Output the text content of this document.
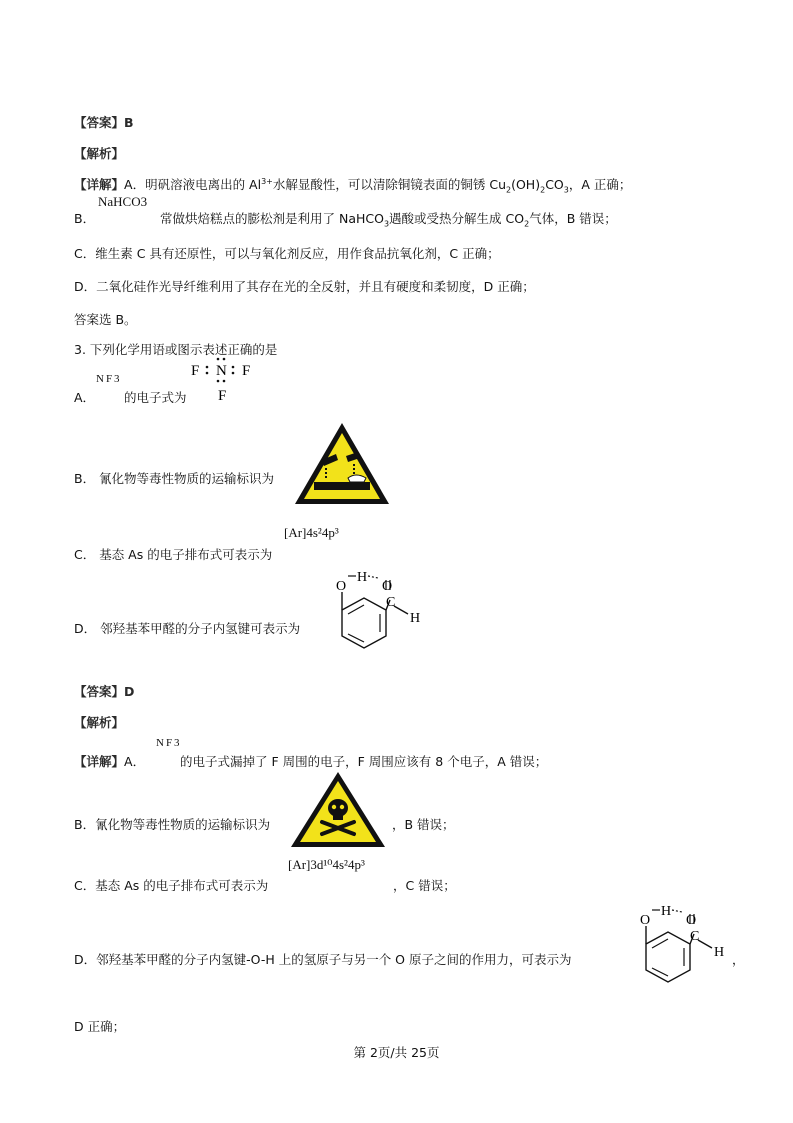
【答案】B
【解析】
【详解】A．明矾溶液电离出的 $Al^{3+}$水解显酸性，可以清除铜镜表面的铜锈 $Cu_2(OH)_2CO_3$，A 正确；
B．
NaHCO3
常做烘焙糕点的膨松剂是利用了 NaHCO$_3$遇酸或受热分解生成 $CO_2$气体，B 错误；
C．维生素 C 具有还原性，可以与氧化剂反应，用作食品抗氧化剂，C 正确；
D．二氧化硅作光导纤维利用了其存在光的全反射，并且有硬度和柔韧度，D 正确；
答案选 B。
3. 下列化学用语或图示表述正确的是
A．
NF3
的电子式为
F N F
F
B． 氰化物等毒性物质的运输标识为
C． 基态 As 的电子排布式可表示为
[Ar]4s²4p³
D． 邻羟基苯甲醛的分子内氢键可表示为
O
H
O
C
H
【答案】D
【解析】
【详解】A．
NF3
的电子式漏掉了 F 周围的电子，F 周围应该有 8 个电子，A 错误；
B．氰化物等毒性物质的运输标识为	，B 错误；
C．基态 As 的电子排布式可表示为
[Ar]3d¹⁰4s²4p³
，C 错误；
D．邻羟基苯甲醛的分子内氢键-O-H 上的氢原子与另一个 O 原子之间的作用力，可表示为
O
H
O
C
H ，
D 正确；
第 2页/共 25页
